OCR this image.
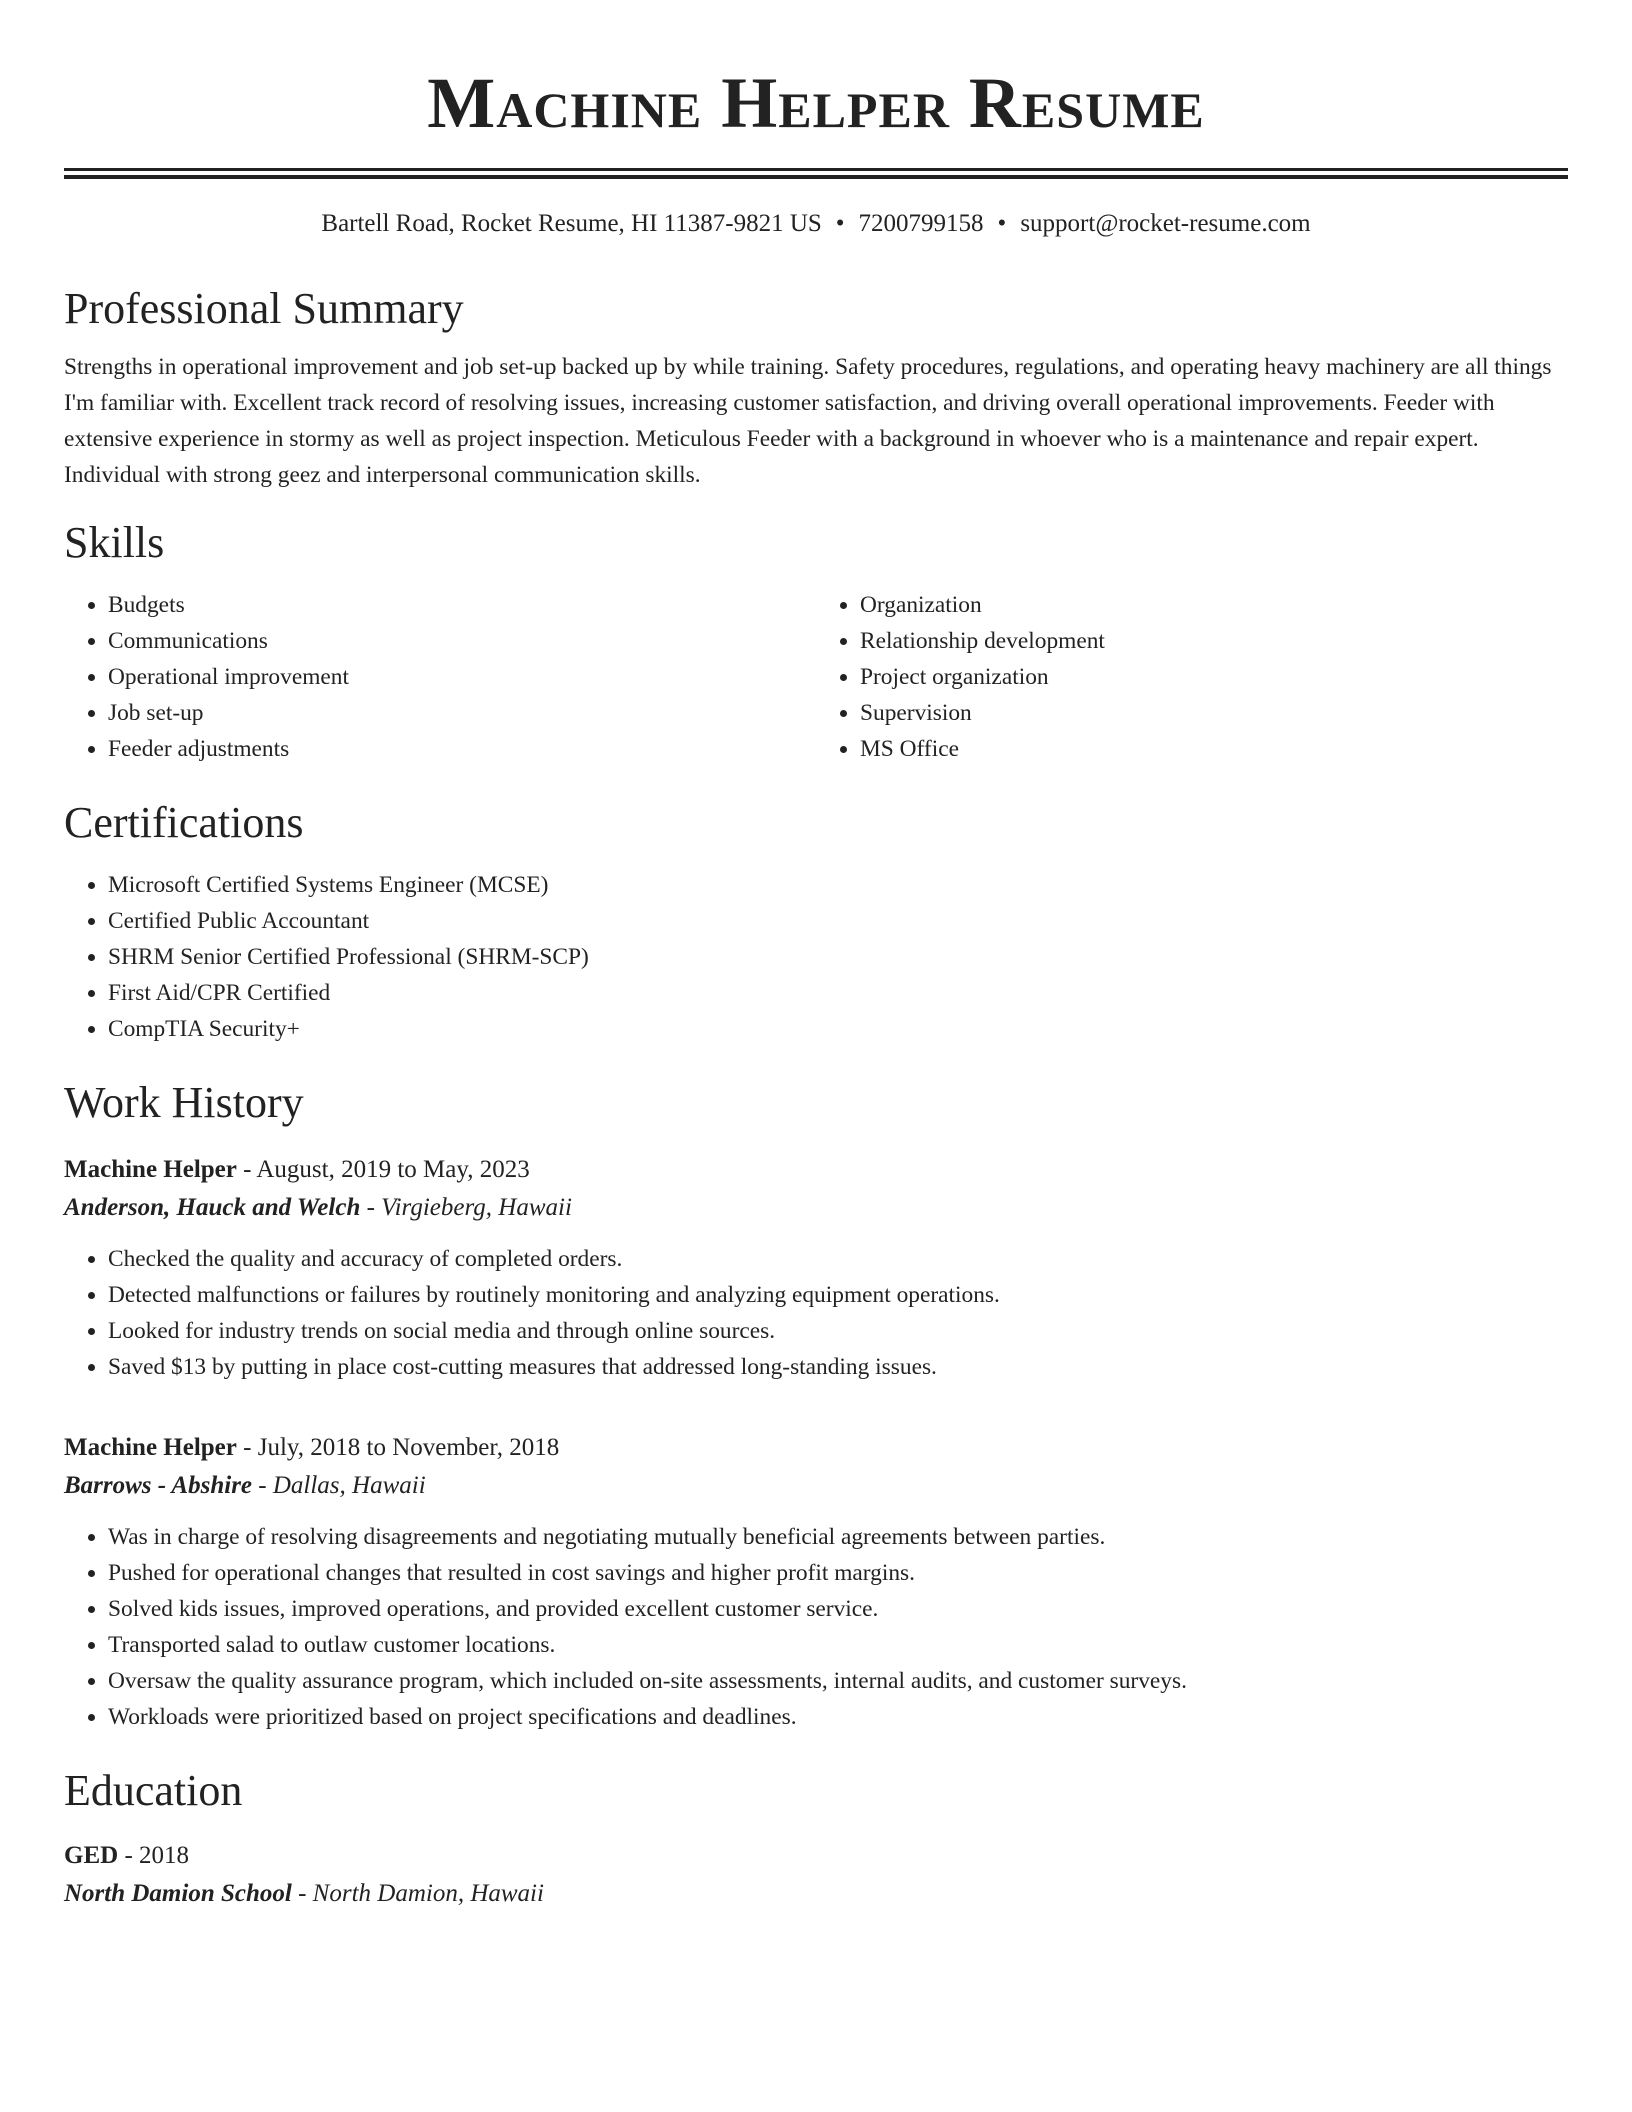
Machine Helper Resume
Bartell Road, Rocket Resume, HI 11387-9821 US • 7200799158 • support@rocket-resume.com
Professional Summary

Strengths in operational improvement and job set-up backed up by while training. Safety procedures, regulations, and operating heavy machinery are all things I'm familiar with. Excellent track record of resolving issues, increasing customer satisfaction, and driving overall operational improvements. Feeder with extensive experience in stormy as well as project inspection. Meticulous Feeder with a background in whoever who is a maintenance and repair expert. Individual with strong geez and interpersonal communication skills.

Skills
• Budgets
• Communications
• Operational improvement
• Job set-up
• Feeder adjustments
• Organization
• Relationship development
• Project organization
• Supervision
• MS Office
Certifications
• Microsoft Certified Systems Engineer (MCSE)
• Certified Public Accountant
• SHRM Senior Certified Professional (SHRM-SCP)
• First Aid/CPR Certified
• CompTIA Security+
Work History
Machine Helper - August, 2019 to May, 2023
Anderson, Hauck and Welch - Virgieberg, Hawaii
• Checked the quality and accuracy of completed orders.
• Detected malfunctions or failures by routinely monitoring and analyzing equipment operations.
• Looked for industry trends on social media and through online sources.
• Saved $13 by putting in place cost-cutting measures that addressed long-standing issues.
Machine Helper - July, 2018 to November, 2018
Barrows - Abshire - Dallas, Hawaii
• Was in charge of resolving disagreements and negotiating mutually beneficial agreements between parties.
• Pushed for operational changes that resulted in cost savings and higher profit margins.
• Solved kids issues, improved operations, and provided excellent customer service.
• Transported salad to outlaw customer locations.
• Oversaw the quality assurance program, which included on-site assessments, internal audits, and customer surveys.
• Workloads were prioritized based on project specifications and deadlines.
Education
GED - 2018
North Damion School - North Damion, Hawaii
